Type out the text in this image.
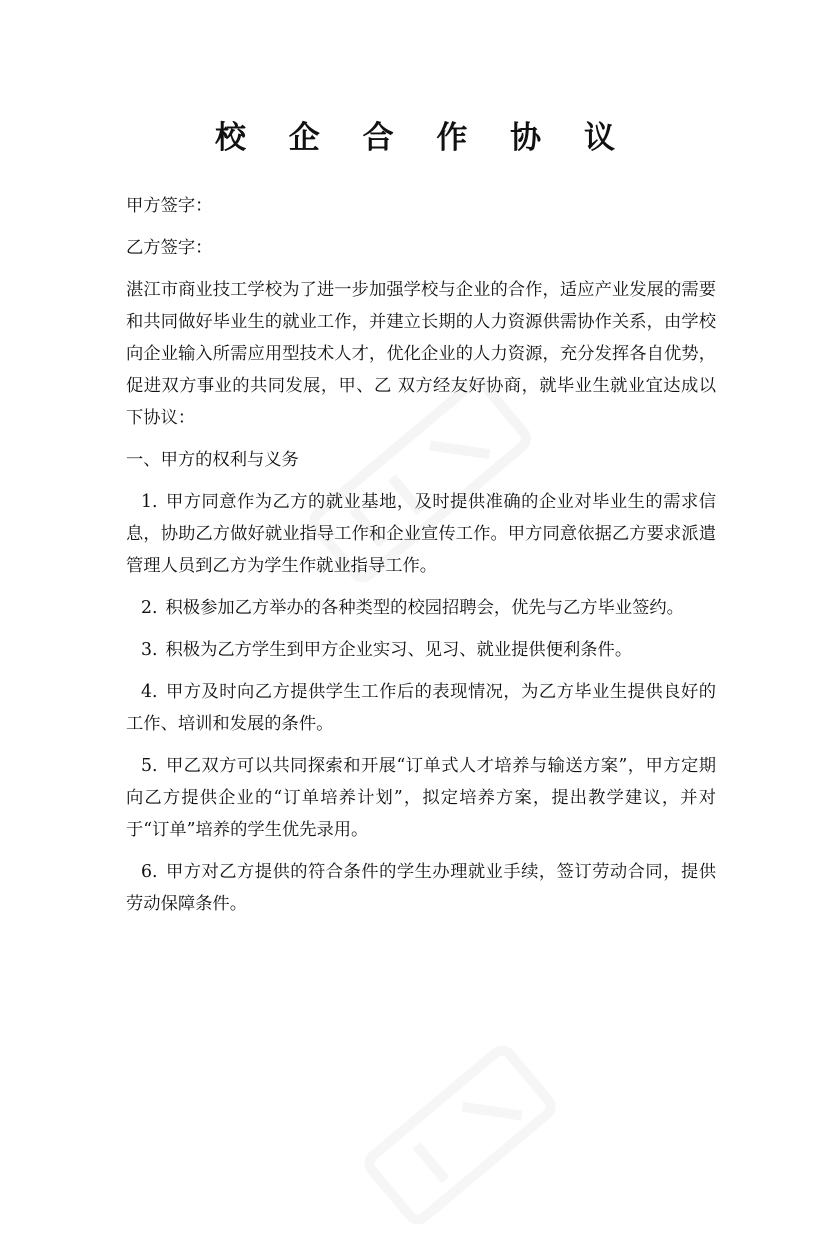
校 企 合 作 协 议

甲方签字：

乙方签字：

湛江市商业技工学校为了进一步加强学校与企业的合作，适应产业发展的需要和共同做好毕业生的就业工作，并建立长期的人力资源供需协作关系，由学校向企业输入所需应用型技术人才，优化企业的人力资源，充分发挥各自优势，促进双方事业的共同发展，甲、乙 双方经友好协商，就毕业生就业宜达成以下协议：

一、甲方的权利与义务

1. 甲方同意作为乙方的就业基地，及时提供准确的企业对毕业生的需求信息，协助乙方做好就业指导工作和企业宣传工作。甲方同意依据乙方要求派遣管理人员到乙方为学生作就业指导工作。

2. 积极参加乙方举办的各种类型的校园招聘会，优先与乙方毕业签约。

3. 积极为乙方学生到甲方企业实习、见习、就业提供便利条件。

4. 甲方及时向乙方提供学生工作后的表现情况，为乙方毕业生提供良好的工作、培训和发展的条件。

5. 甲乙双方可以共同探索和开展“订单式人才培养与输送方案”，甲方定期向乙方提供企业的“订单培养计划”，拟定培养方案，提出教学建议，并对于“订单”培养的学生优先录用。

6. 甲方对乙方提供的符合条件的学生办理就业手续，签订劳动合同，提供劳动保障条件。
